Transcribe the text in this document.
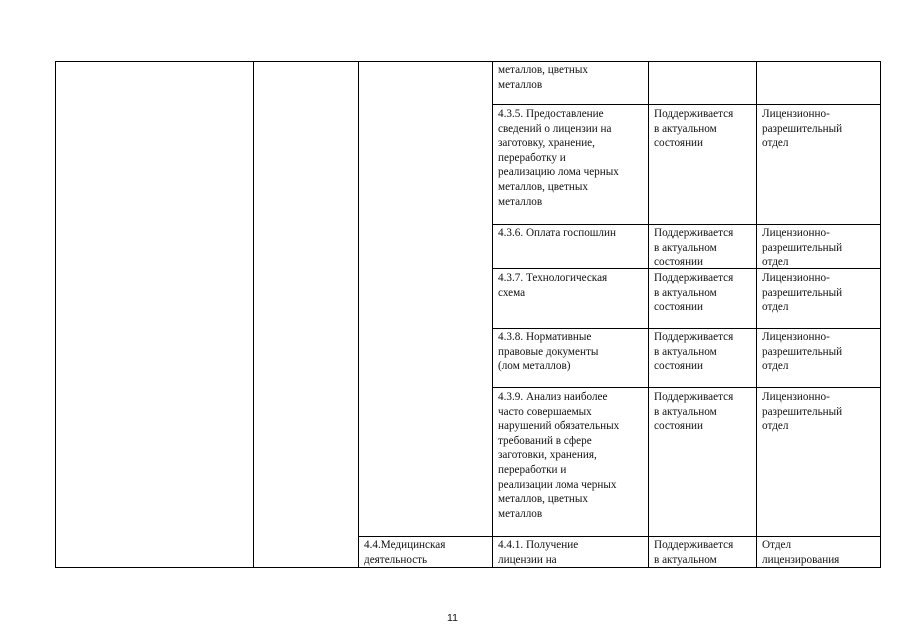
металлов, цветных
металлов
4.3.5. Предоставление
сведений о лицензии на
заготовку, хранение,
переработку и
реализацию лома черных
металлов, цветных
металлов
Поддерживается
в актуальном
состоянии
Лицензионно-
разрешительный
отдел
4.3.6. Оплата госпошлин	Поддерживается
в актуальном
состоянии
Лицензионно-
разрешительный
отдел
4.3.7. Технологическая
схема
Поддерживается
в актуальном
состоянии
Лицензионно-
разрешительный
отдел
4.3.8. Нормативные
правовые документы
(лом металлов)
Поддерживается
в актуальном
состоянии
Лицензионно-
разрешительный
отдел
4.3.9. Анализ наиболее
часто совершаемых
нарушений обязательных
требований в сфере
заготовки, хранения,
переработки и
реализации лома черных
металлов, цветных
металлов
Поддерживается
в актуальном
состоянии
Лицензионно-
разрешительный
отдел
4.4.Медицинская
деятельность
4.4.1. Получение
лицензии на
Поддерживается
в актуальном
Отдел
лицензирования
11
